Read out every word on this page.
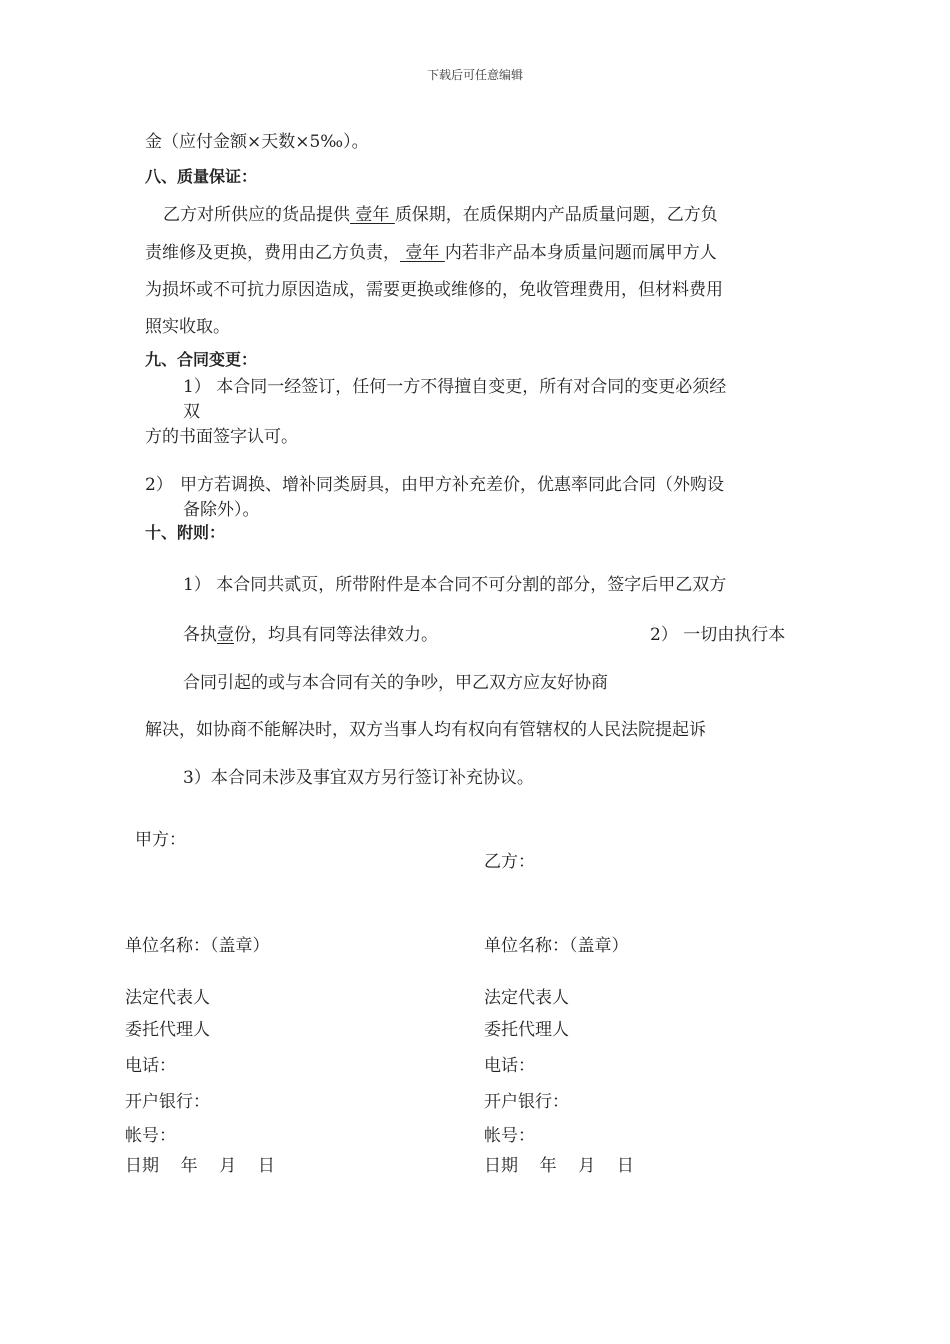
下载后可任意编辑
金（应付金额×天数×5‰）。
八、质量保证：
乙方对所供应的货品提供 壹年 质保期，在质保期内产品质量问题，乙方负
责维修及更换，费用由乙方负责， 壹年 内若非产品本身质量问题而属甲方人
为损坏或不可抗力原因造成，需要更换或维修的，免收管理费用，但材料费用
照实收取。
九、合同变更：
1） 本合同一经签订，任何一方不得擅自变更，所有对合同的变更必须经
双
方的书面签字认可。
2） 甲方若调换、增补同类厨具，由甲方补充差价，优惠率同此合同（外购设
备除外）。
十、附则：
1） 本合同共贰页，所带附件是本合同不可分割的部分，签字后甲乙双方
各执壹份，均具有同等法律效力。	2） 一切由执行本
合同引起的或与本合同有关的争吵，甲乙双方应友好协商
解决，如协商不能解决时，双方当事人均有权向有管辖权的人民法院提起诉
3）本合同未涉及事宜双方另行签订补充协议。
甲方：
单位名称：（盖章）
法定代表人
委托代理人
电话：
开户银行：
帐号：
日期    年    月    日
乙方：
单位名称：（盖章）
法定代表人
委托代理人
电话：
开户银行：
帐号：
日期    年    月    日
